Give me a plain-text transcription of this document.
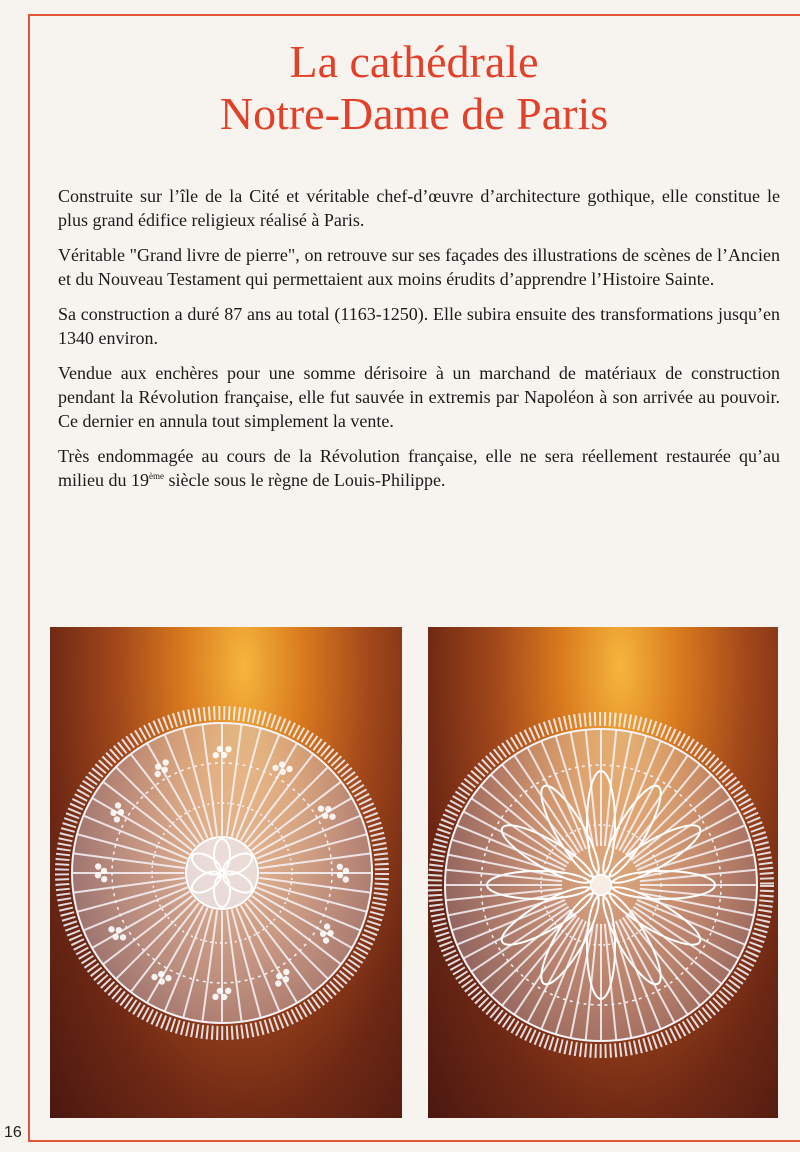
16
La cathédrale
Notre-Dame de Paris

Construite sur l’île de la Cité et véritable chef-d’œuvre d’architecture gothique, elle constitue le plus grand édifice religieux réalisé à Paris.

Véritable "Grand livre de pierre", on retrouve sur ses façades des illustrations de scènes de l’Ancien et du Nouveau Testament qui permettaient aux moins érudits d’apprendre l’Histoire Sainte.

Sa construction a duré 87 ans au total (1163-1250). Elle subira ensuite des transformations jusqu’en 1340 environ.

Vendue aux enchères pour une somme dérisoire à un marchand de matériaux de construction pendant la Révolution française, elle fut sauvée in extremis par Napoléon à son arrivée au pouvoir. Ce dernier en annula tout simplement la vente.

Très endommagée au cours de la Révolution française, elle ne sera réellement restaurée qu’au milieu du 19ème siècle sous le règne de Louis-Philippe.
